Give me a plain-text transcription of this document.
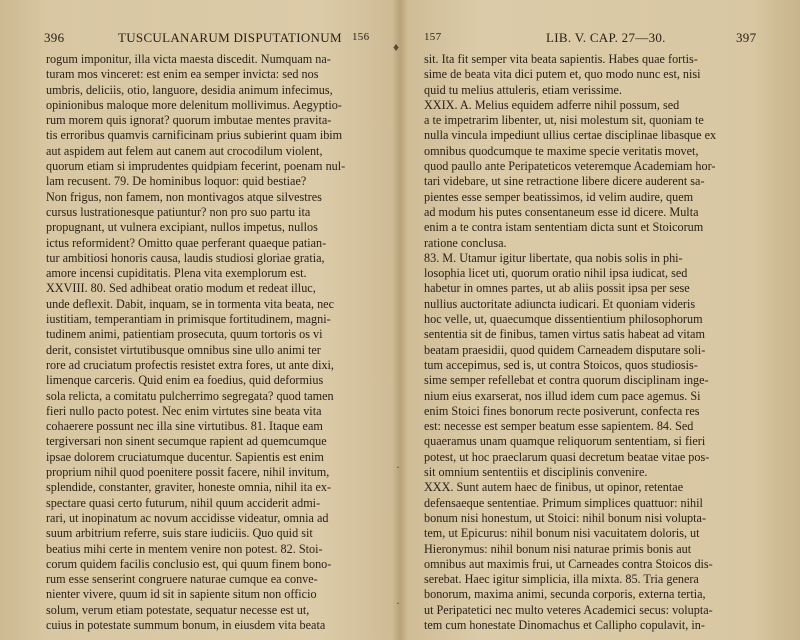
396	TUSCULANARUM DISPUTATIONUM 156
rogum imponitur, illa victa maesta discedit. Numquam na-
turam mos vinceret: est enim ea semper invicta: sed nos
umbris, deliciis, otio, languore, desidia animum infecimus,
opinionibus maloque more delenitum mollivimus. Aegyptio-
rum morem quis ignorat? quorum imbutae mentes pravita-
tis erroribus quamvis carnificinam prius subierint quam ibim
aut aspidem aut felem aut canem aut crocodilum violent,
quorum etiam si imprudentes quidpiam fecerint, poenam nul-
lam recusent. 79. De hominibus loquor: quid bestiae?
Non frigus, non famem, non montivagos atque silvestres
cursus lustrationesque patiuntur? non pro suo partu ita
propugnant, ut vulnera excipiant, nullos impetus, nullos
ictus reformident? Omitto quae perferant quaeque patian-
tur ambitiosi honoris causa, laudis studiosi gloriae gratia,
amore incensi cupiditatis. Plena vita exemplorum est.
XXVIII. 80. Sed adhibeat oratio modum et redeat illuc,
unde deflexit. Dabit, inquam, se in tormenta vita beata, nec
iustitiam, temperantiam in primisque fortitudinem, magni-
tudinem animi, patientiam prosecuta, quum tortoris os vi
derit, consistet virtutibusque omnibus sine ullo animi ter
rore ad cruciatum profectis resistet extra fores, ut ante dixi,
limenque carceris. Quid enim ea foedius, quid deformius
sola relicta, a comitatu pulcherrimo segregata? quod tamen
fieri nullo pacto potest. Nec enim virtutes sine beata vita
cohaerere possunt nec illa sine virtutibus. 81. Itaque eam
tergiversari non sinent secumque rapient ad quemcumque
ipsae dolorem cruciatumque ducentur. Sapientis est enim
proprium nihil quod poenitere possit facere, nihil invitum,
splendide, constanter, graviter, honeste omnia, nihil ita ex-
spectare quasi certo futurum, nihil quum acciderit admi-
rari, ut inopinatum ac novum accidisse videatur, omnia ad
suum arbitrium referre, suis stare iudiciis. Quo quid sit
beatius mihi certe in mentem venire non potest. 82. Stoi-
corum quidem facilis conclusio est, qui quum finem bono-
rum esse senserint congruere naturae cumque ea conve-
nienter vivere, quum id sit in sapiente situm non officio
solum, verum etiam potestate, sequatur necesse est ut,
cuius in potestate summum bonum, in eiusdem vita beata
157	LIB. V. CAP. 27—30.	397
sit. Ita fit semper vita beata sapientis. Habes quae fortis-
sime de beata vita dici putem et, quo modo nunc est, nisi
quid tu melius attuleris, etiam verissime.
XXIX. A. Melius equidem adferre nihil possum, sed
a te impetrarim libenter, ut, nisi molestum sit, quoniam te
nulla vincula impediunt ullius certae disciplinae libasque ex
omnibus quodcumque te maxime specie veritatis movet,
quod paullo ante Peripateticos veteremque Academiam hor-
tari videbare, ut sine retractione libere dicere auderent sa-
pientes esse semper beatissimos, id velim audire, quem
ad modum his putes consentaneum esse id dicere. Multa
enim a te contra istam sententiam dicta sunt et Stoicorum
ratione conclusa.
83. M. Utamur igitur libertate, qua nobis solis in phi-
losophia licet uti, quorum oratio nihil ipsa iudicat, sed
habetur in omnes partes, ut ab aliis possit ipsa per sese
nullius auctoritate adiuncta iudicari. Et quoniam videris
hoc velle, ut, quaecumque dissentientium philosophorum
sententia sit de finibus, tamen virtus satis habeat ad vitam
beatam praesidii, quod quidem Carneadem disputare soli-
tum accepimus, sed is, ut contra Stoicos, quos studiosis-
sime semper refellebat et contra quorum disciplinam inge-
nium eius exarserat, nos illud idem cum pace agemus. Si
enim Stoici fines bonorum recte posiverunt, confecta res
est: necesse est semper beatum esse sapientem. 84. Sed
quaeramus unam quamque reliquorum sententiam, si fieri
potest, ut hoc praeclarum quasi decretum beatae vitae pos-
sit omnium sententiis et disciplinis convenire.
XXX. Sunt autem haec de finibus, ut opinor, retentae
defensaeque sententiae. Primum simplices quattuor: nihil
bonum nisi honestum, ut Stoici: nihil bonum nisi volupta-
tem, ut Epicurus: nihil bonum nisi vacuitatem doloris, ut
Hieronymus: nihil bonum nisi naturae primis bonis aut
omnibus aut maximis frui, ut Carneades contra Stoicos dis-
serebat. Haec igitur simplicia, illa mixta. 85. Tria genera
bonorum, maxima animi, secunda corporis, externa tertia,
ut Peripatetici nec multo veteres Academici secus: volupta-
tem cum honestate Dinomachus et Callipho copulavit, in-
♦
·
·
